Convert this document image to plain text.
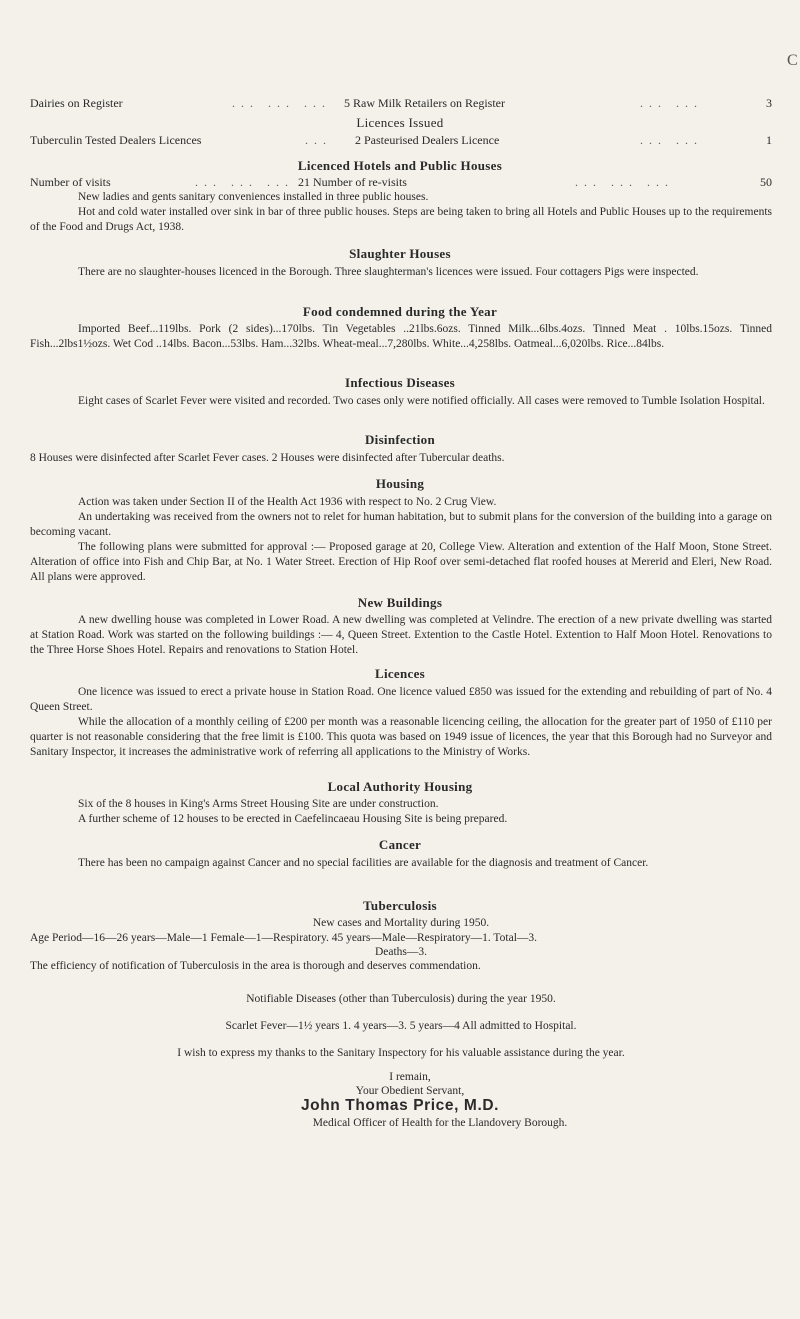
C
Dairies on Register	... ... ... 5 Raw Milk Retailers on Register	... ...	3
Licences Issued
Tuberculin Tested Dealers Licences	... 2 Pasteurised Dealers Licence	... ...	1
Licenced Hotels and Public Houses
Number of visits	... ... ... 21 Number of re-visits	... ... ...	50
New ladies and gents sanitary conveniences installed in three public houses.
Hot and cold water installed over sink in bar of three public houses. Steps are being taken to bring all Hotels and Public Houses up to the requirements of the Food and Drugs Act, 1938.
Slaughter Houses
There are no slaughter-houses licenced in the Borough. Three slaughterman's licences were issued. Four cottagers Pigs were inspected.
Food condemned during the Year
Imported Beef...119lbs. Pork (2 sides)...170lbs. Tin Vegetables ..21lbs.6ozs. Tinned Milk...6lbs.4ozs. Tinned Meat . 10lbs.15ozs. Tinned Fish...2lbs1½ozs. Wet Cod ..14lbs. Bacon...53lbs. Ham...32lbs. Wheat-meal...7,280lbs. White...4,258lbs. Oatmeal...6,020lbs. Rice...84lbs.
Infectious Diseases
Eight cases of Scarlet Fever were visited and recorded. Two cases only were notified officially. All cases were removed to Tumble Isolation Hospital.
Disinfection
8 Houses were disinfected after Scarlet Fever cases. 2 Houses were disinfected after Tubercular deaths.
Housing
Action was taken under Section II of the Health Act 1936 with respect to No. 2 Crug View.
An undertaking was received from the owners not to relet for human habitation, but to submit plans for the conversion of the building into a garage on becoming vacant.
The following plans were submitted for approval :— Proposed garage at 20, College View. Alteration and extention of the Half Moon, Stone Street. Alteration of office into Fish and Chip Bar, at No. 1 Water Street. Erection of Hip Roof over semi-detached flat roofed houses at Mererid and Eleri, New Road. All plans were approved.
New Buildings
A new dwelling house was completed in Lower Road. A new dwelling was completed at Velindre. The erection of a new private dwelling was started at Station Road. Work was started on the following buildings :— 4, Queen Street. Extention to the Castle Hotel. Extention to Half Moon Hotel. Renovations to the Three Horse Shoes Hotel. Repairs and renovations to Station Hotel.
Licences
One licence was issued to erect a private house in Station Road. One licence valued £850 was issued for the extending and rebuilding of part of No. 4 Queen Street.
While the allocation of a monthly ceiling of £200 per month was a reasonable licencing ceiling, the allocation for the greater part of 1950 of £110 per quarter is not reasonable considering that the free limit is £100. This quota was based on 1949 issue of licences, the year that this Borough had no Surveyor and Sanitary Inspector, it increases the administrative work of referring all applications to the Ministry of Works.
Local Authority Housing
Six of the 8 houses in King's Arms Street Housing Site are under construction.
A further scheme of 12 houses to be erected in Caefelincaeau Housing Site is being prepared.
Cancer
There has been no campaign against Cancer and no special facilities are available for the diagnosis and treatment of Cancer.
Tuberculosis
New cases and Mortality during 1950.
Age Period—16—26 years—Male—1 Female—1—Respiratory. 45 years—Male—Respiratory—1. Total—3.
Deaths—3.
The efficiency of notification of Tuberculosis in the area is thorough and deserves commendation.
Notifiable Diseases (other than Tuberculosis) during the year 1950.
Scarlet Fever—1½ years 1. 4 years—3. 5 years—4 All admitted to Hospital.
I wish to express my thanks to the Sanitary Inspectory for his valuable assistance during the year.
I remain,
Your Obedient Servant,
John Thomas Price, M.D.
Medical Officer of Health for the Llandovery Borough.
